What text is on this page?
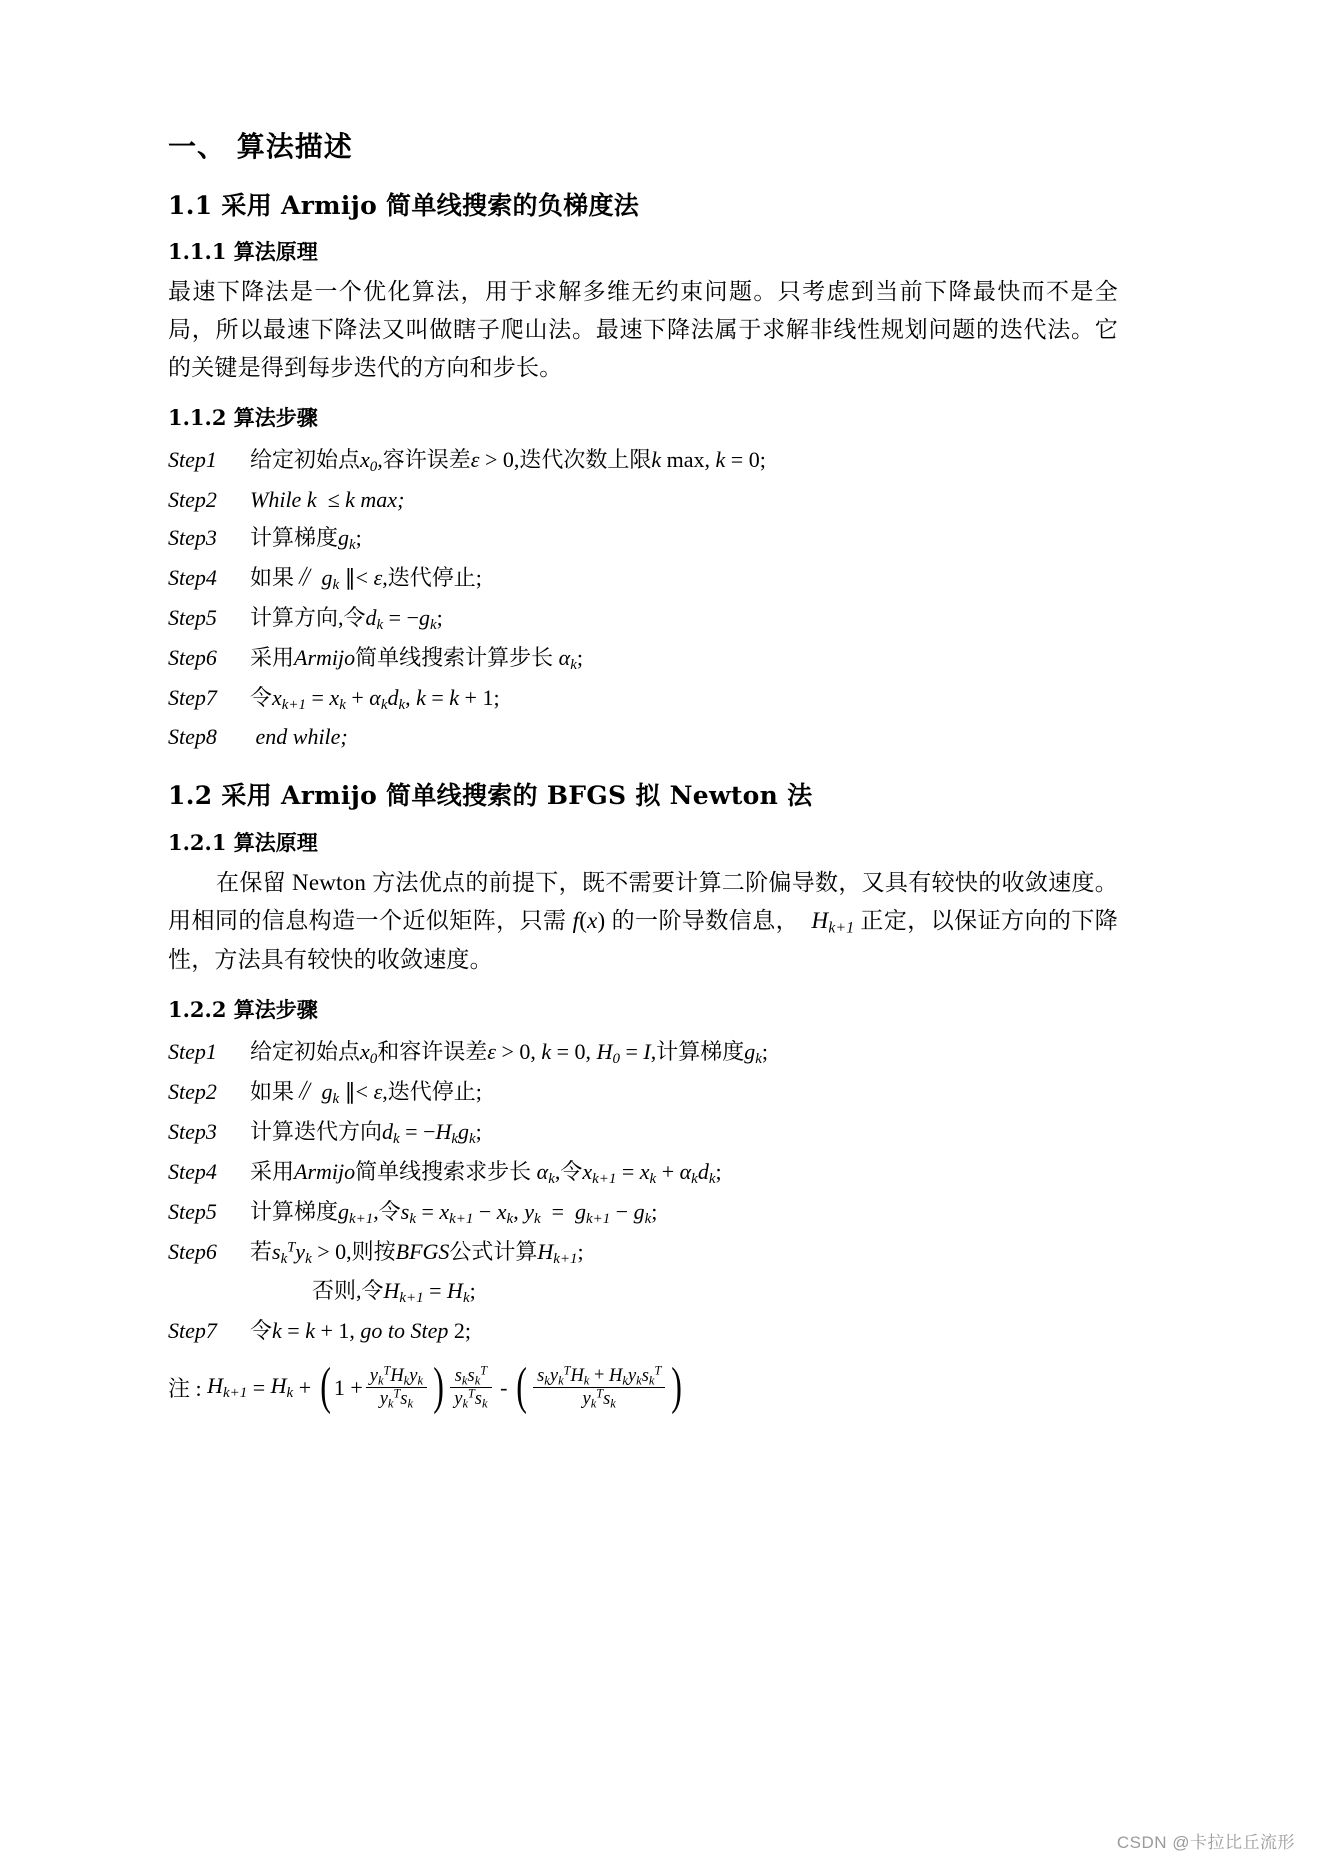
一、 算法描述
1.1 采用 Armijo 简单线搜索的负梯度法
1.1.1 算法原理

最速下降法是一个优化算法，用于求解多维无约束问题。只考虑到当前下降最快而不是全局，所以最速下降法又叫做瞎子爬山法。最速下降法属于求解非线性规划问题的迭代法。它的关键是得到每步迭代的方向和步长。

1.1.2 算法步骤
Step1	给定初始点$x_0$,容许误差ε > 0,迭代次数上限k max, k = 0;
Step2	While k  ≤ k max;
Step3	计算梯度$g_k$;
Step4	如果∥ $g_k$ ∥< ε,迭代停止;
Step5	计算方向,令$d_k = -g_k$;
Step6	采用Armijo简单线搜索计算步长 $\alpha_k$;
Step7	令$x_{k+1} = x_k + \alpha_kd_k$, k = k + 1;
Step8	end while;
1.2 采用 Armijo 简单线搜索的 BFGS 拟 Newton 法
1.2.1 算法原理

在保留 Newton 方法优点的前提下，既不需要计算二阶偏导数，又具有较快的收敛速度。用相同的信息构造一个近似矩阵，只需 f(x) 的一阶导数信息，  $H_{k+1}$ 正定，以保证方向的下降性，方法具有较快的收敛速度。

1.2.2 算法步骤
Step1	给定初始点$x_0$和容许误差ε > 0, k = 0, $H_0 = I$,计算梯度$g_k$;
Step2	如果∥ $g_k$ ∥< ε,迭代停止;
Step3	计算迭代方向$d_k = -H_kg_k$;
Step4	采用Armijo简单线搜索求步长 $\alpha_k$,令$x_{k+1} = x_k + \alpha_kd_k$;
Step5	计算梯度$g_{k+1}$,令$s_k = x_{k+1} - x_k$, $y_k = g_{k+1} - g_k$;
Step6	若$s_k^Ty_k > 0$,则按BFGS公式计算$H_{k+1}$;

否则,令$H_{k+1} = H_k$;
Step7	令k = k + 1, go to Step 2;
注 : $H_{k+1} = H_k$ + ( $1 + \frac{y_k^TH_ky_k}{y_k^Ts_k}$ ) $\frac{s_ks_k^T}{y_k^Ts_k}$ - ( $\frac{s_ky_k^TH_k + H_ky_ks_k^T}{y_k^Ts_k}$ )
CSDN @卡拉比丘流形
